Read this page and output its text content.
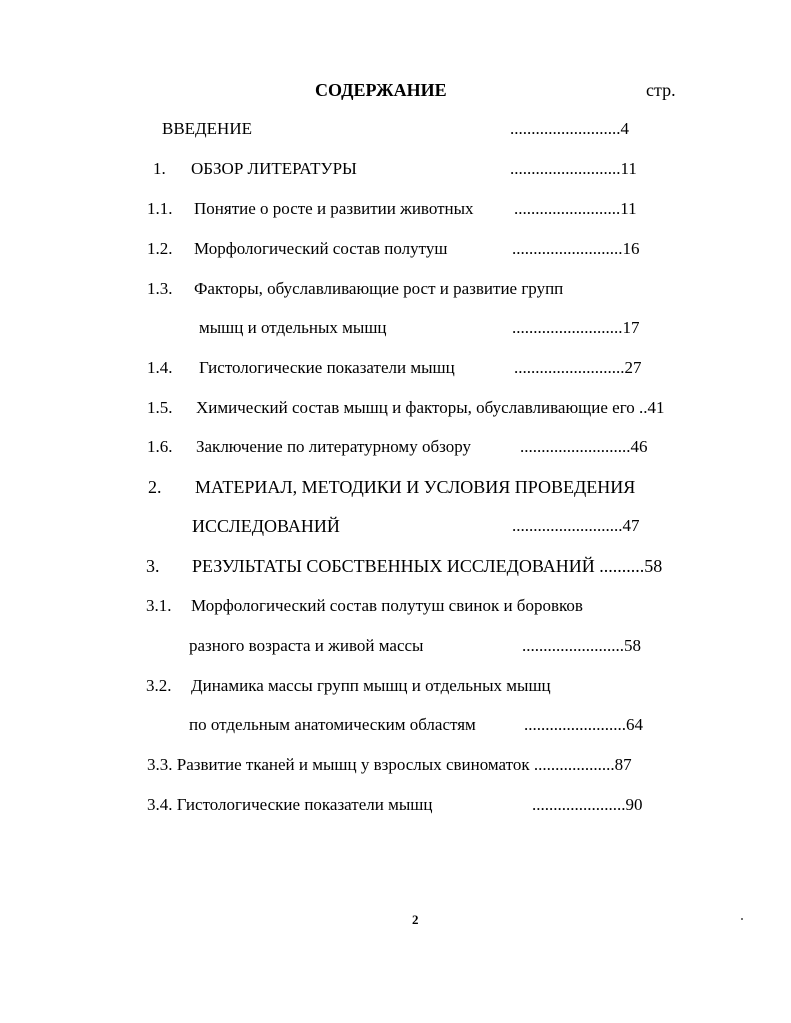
СОДЕРЖАНИЕ	стр.
ВВЕДЕНИЕ	..........................4
1. ОБЗОР ЛИТЕРАТУРЫ	..........................11
1.1. Понятие о росте и развитии животных .........................11
1.2. Морфологический состав полутуш	..........................16
1.3. Факторы, обуславливающие рост и развитие групп
мышц и отдельных мышц	..........................17
1.4. Гистологические показатели мышц	..........................27
1.5. Химический состав мышц и факторы, обуславливающие его ..41
1.6. Заключение по литературному обзору	..........................46
2. МАТЕРИАЛ, МЕТОДИКИ И УСЛОВИЯ ПРОВЕДЕНИЯ
ИССЛЕДОВАНИЙ	..........................47
3. РЕЗУЛЬТАТЫ СОБСТВЕННЫХ ИССЛЕДОВАНИЙ ..........58
3.1. Морфологический состав полутуш свинок и боровков
разного возраста и живой массы	........................58
3.2. Динамика массы групп мышц и отдельных мышц
по отдельным анатомическим областям	........................64
3.3. Развитие тканей и мышц у взрослых свиноматок ...................87
3.4. Гистологические показатели мышц	......................90
2
